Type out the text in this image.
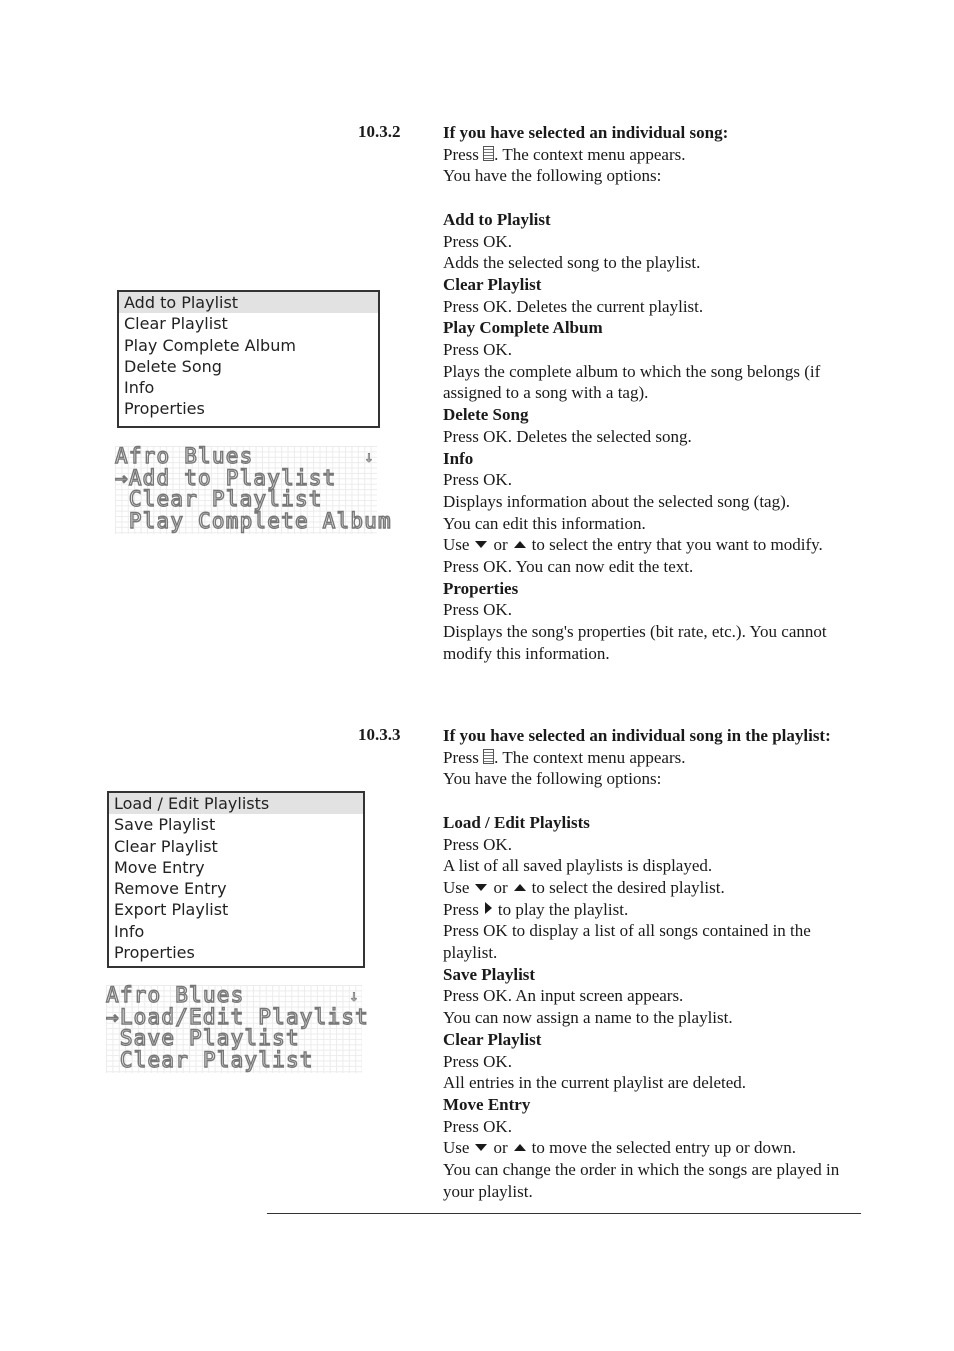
10.3.2	If you have selected an individual song:

Press . The context menu appears.

You have the following options:

Add to Playlist

Press OK.

Adds the selected song to the playlist.

Clear Playlist

Press OK. Deletes the current playlist.

Play Complete Album

Press OK.

Plays the complete album to which the song belongs (if assigned to a song with a tag).

Delete Song

Press OK. Deletes the selected song.

Info

Press OK.

Displays information about the selected song (tag).

You can edit this information.

Use or to select the entry that you want to modify.

Press OK. You can now edit the text.

Properties

Press OK.

Displays the song's properties (bit rate, etc.). You cannot modify this information.

Add to Playlist
Clear Playlist
Play Complete Album
Delete Song
Info
Properties
Afro Blues	↓
→Add to Playlist
Clear Playlist
Play Complete Album
10.3.3	If you have selected an individual song in the playlist:

Press . The context menu appears.

You have the following options:

Load / Edit Playlists

Press OK.

A list of all saved playlists is displayed.

Use or to select the desired playlist.

Press to play the playlist.

Press OK to display a list of all songs contained in the playlist.

Save Playlist

Press OK. An input screen appears.

You can now assign a name to the playlist.

Clear Playlist

Press OK.

All entries in the current playlist are deleted.

Move Entry

Press OK.

Use or to move the selected entry up or down.

You can change the order in which the songs are played in your playlist.

Load / Edit Playlists
Save Playlist
Clear Playlist
Move Entry
Remove Entry
Export Playlist
Info
Properties
Afro Blues	↓
→Load/Edit Playlist
Save Playlist
Clear Playlist
